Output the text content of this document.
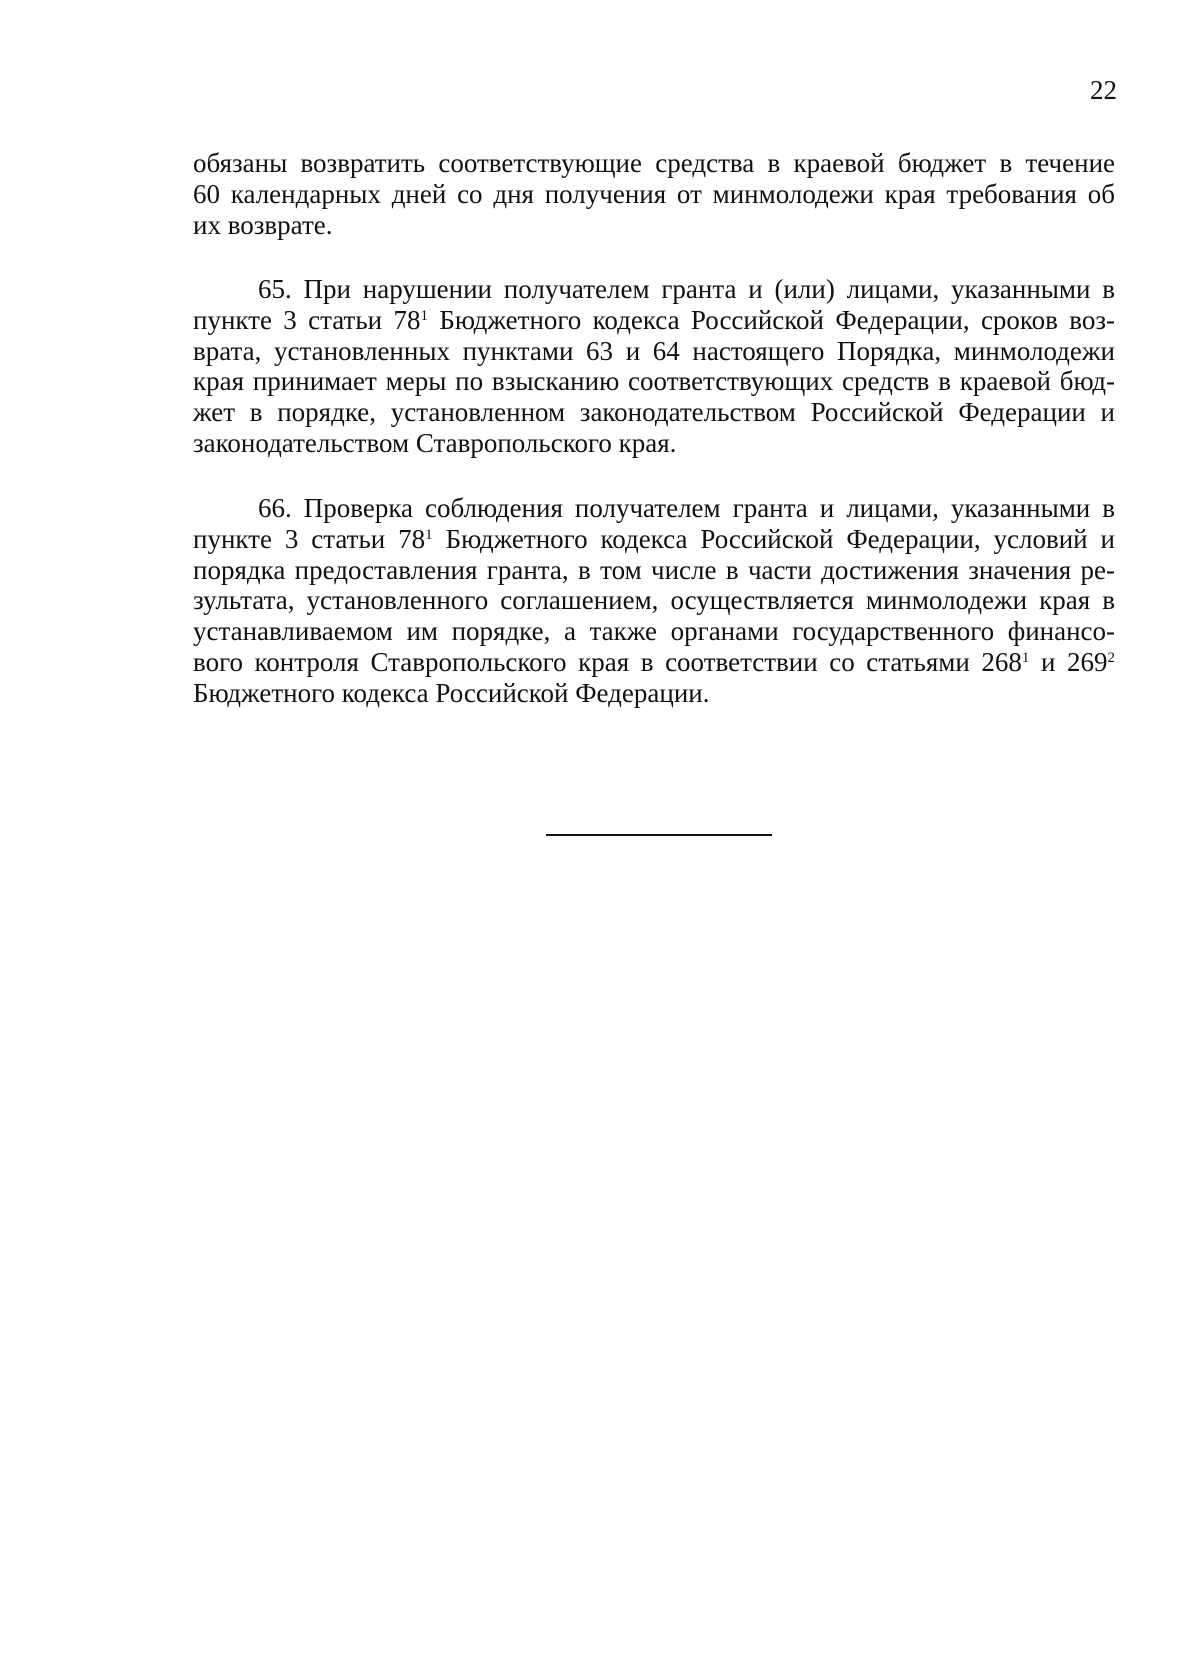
22
обязаны возвратить соответствующие средства в краевой бюджет в течение
60 календарных дней со дня получения от минмолодежи края требования об
их возврате.
65. При нарушении получателем гранта и (или) лицами, указанными в
пункте 3 статьи $78^1$ Бюджетного кодекса Российской Федерации, сроков воз-
врата, установленных пунктами 63 и 64 настоящего Порядка, минмолодежи
края принимает меры по взысканию соответствующих средств в краевой бюд-
жет в порядке, установленном законодательством Российской Федерации и
законодательством Ставропольского края.
66. Проверка соблюдения получателем гранта и лицами, указанными в
пункте 3 статьи $78^1$ Бюджетного кодекса Российской Федерации, условий и
порядка предоставления гранта, в том числе в части достижения значения ре-
зультата, установленного соглашением, осуществляется минмолодежи края в
устанавливаемом им порядке, а также органами государственного финансо-
вого контроля Ставропольского края в соответствии со статьями $268^1$ и $269^2$
Бюджетного кодекса Российской Федерации.
